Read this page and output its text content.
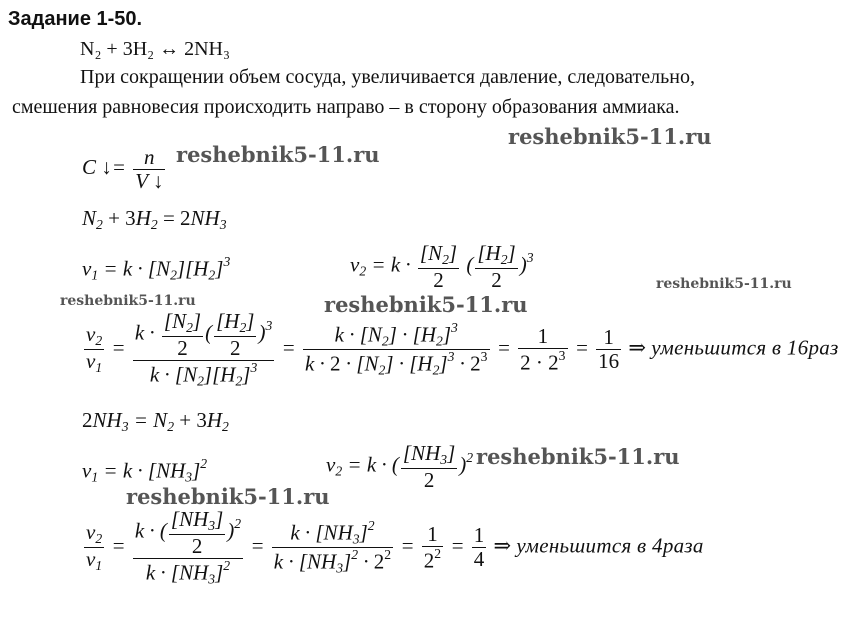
Задание 1-50.
N₂ + 3H₂ ↔ 2NH₃
При сокращении объем сосуда, увеличивается давление, следовательно,
смешения равновесия происходить направо – в сторону образования аммиака.
reshebnik5-11.ru
reshebnik5-11.ru
reshebnik5-11.ru
reshebnik5-11.ru	reshebnik5-11.ru
reshebnik5-11.ru
reshebnik5-11.ru
C ↓= $\frac{n}{V ↓}$
$N_2 + 3H_2 = 2NH_3$
$v_1 = k \cdot [N_2][H_2]^3$	$v_2 = k \cdot \frac{[N_2]}{2}$ ( $\frac{[H_2]}{2} )^3$
$\frac{v_2}{v_1} = \frac{k \cdot \frac{[N_2]}{2} ( \frac{[H_2]}{2} )^3}{k \cdot [N_2][H_2]^3} = \frac{k \cdot [N_2] \cdot [H_2]^3}{k \cdot 2 \cdot [N_2] \cdot [H_2]^3 \cdot 2^3} = \frac{1}{2 \cdot 2^3} = \frac{1}{16}$ ⇒ уменьшится в 16раз
$2NH_3 = N_2 + 3H_2$
$v_1 = k \cdot [NH_3]^2$	$v_2 = k$ · ( $\frac{[NH_3]}{2} )^2$
$\frac{v_2}{v_1} = \frac{k \cdot ( \frac{[NH_3]}{2} )^2}{k \cdot [NH_3]^2} = \frac{k \cdot [NH_3]^2}{k \cdot [NH_3]^2 \cdot 2^2} = \frac{1}{2^2} = \frac{1}{4}$ ⇒ уменьшится в 4раза
